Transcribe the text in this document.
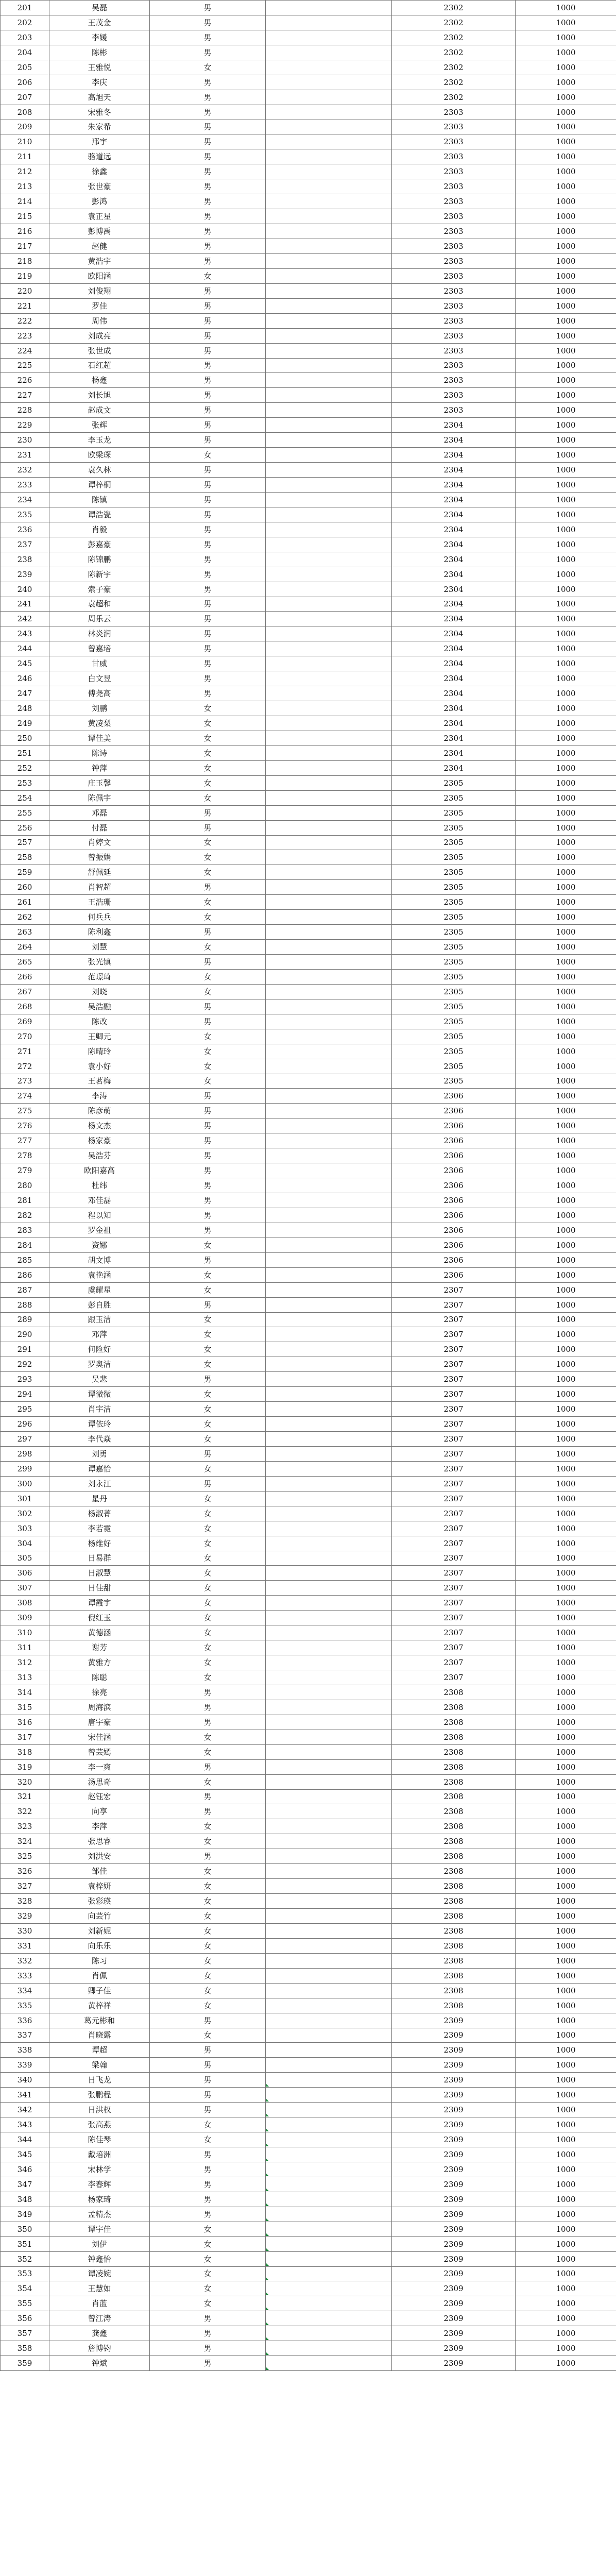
201	吴磊	男		2302	1000
202	王茂金	男		2302	1000
203	李媛	男		2302	1000
204	陈彬	男		2302	1000
205	王雅悦	女		2302	1000
206	李庆	男		2302	1000
207	高旭天	男		2302	1000
208	宋雅冬	男		2303	1000
209	朱家希	男		2303	1000
210	邢宇	男		2303	1000
211	骆道远	男		2303	1000
212	徐鑫	男		2303	1000
213	张世豪	男		2303	1000
214	彭鸿	男		2303	1000
215	袁正星	男		2303	1000
216	彭博禹	男		2303	1000
217	赵健	男		2303	1000
218	黄浩宇	男		2303	1000
219	欧阳涵	女		2303	1000
220	刘俊翔	男		2303	1000
221	罗佳	男		2303	1000
222	周伟	男		2303	1000
223	刘成亮	男		2303	1000
224	张世成	男		2303	1000
225	石红超	男		2303	1000
226	杨鑫	男		2303	1000
227	刘长旭	男		2303	1000
228	赵成文	男		2303	1000
229	张辉	男		2304	1000
230	李玉龙	男		2304	1000
231	欧梁琛	女		2304	1000
232	袁久林	男		2304	1000
233	谭梓桐	男		2304	1000
234	陈镇	男		2304	1000
235	谭浩瓷	男		2304	1000
236	肖毅	男		2304	1000
237	彭嘉豪	男		2304	1000
238	陈锦鹏	男		2304	1000
239	陈新宇	男		2304	1000
240	索子豪	男		2304	1000
241	袁超和	男		2304	1000
242	周乐云	男		2304	1000
243	林炎润	男		2304	1000
244	曾嘉培	男		2304	1000
245	甘威	男		2304	1000
246	白文昱	男		2304	1000
247	傅尧高	男		2304	1000
248	刘鹏	女		2304	1000
249	黄凌梨	女		2304	1000
250	谭佳美	女		2304	1000
251	陈诗	女		2304	1000
252	钟萍	女		2304	1000
253	庄玉馨	女		2305	1000
254	陈佩宇	女		2305	1000
255	邓磊	男		2305	1000
256	付磊	男		2305	1000
257	肖婷文	女		2305	1000
258	曾振娟	女		2305	1000
259	舒佩延	女		2305	1000
260	肖智超	男		2305	1000
261	王浩珊	女		2305	1000
262	何兵兵	女		2305	1000
263	陈利鑫	男		2305	1000
264	刘慧	女		2305	1000
265	张光镇	男		2305	1000
266	范璟琦	女		2305	1000
267	刘晓	女		2305	1000
268	吴浩融	男		2305	1000
269	陈改	男		2305	1000
270	王卿元	女		2305	1000
271	陈晴玲	女		2305	1000
272	袁小好	女		2305	1000
273	王茗梅	女		2305	1000
274	李涛	男		2306	1000
275	陈彦萌	男		2306	1000
276	杨文杰	男		2306	1000
277	杨家豪	男		2306	1000
278	吴浩芬	男		2306	1000
279	欧阳嘉高	男		2306	1000
280	杜纬	男		2306	1000
281	邓佳磊	男		2306	1000
282	程以知	男		2306	1000
283	罗金祖	男		2306	1000
284	资娜	女		2306	1000
285	胡文博	男		2306	1000
286	袁艳涵	女		2306	1000
287	虞耀星	女		2307	1000
288	彭自胜	男		2307	1000
289	跟玉洁	女		2307	1000
290	邓萍	女		2307	1000
291	何险好	女		2307	1000
292	罗奥洁	女		2307	1000
293	吴悲	男		2307	1000
294	谭微微	女		2307	1000
295	肖宇洁	女		2307	1000
296	谭依玲	女		2307	1000
297	李代焱	女		2307	1000
298	刘勇	男		2307	1000
299	谭嘉怡	女		2307	1000
300	刘永江	男		2307	1000
301	星丹	女		2307	1000
302	杨淑菁	女		2307	1000
303	李若霓	女		2307	1000
304	杨维好	女		2307	1000
305	日易群	女		2307	1000
306	日淑慧	女		2307	1000
307	日佳甜	女		2307	1000
308	谭霞宇	女		2307	1000
309	倪红玉	女		2307	1000
310	黄德涵	女		2307	1000
311	谢芳	女		2307	1000
312	黄雅方	女		2307	1000
313	陈聪	女		2307	1000
314	徐亮	男		2308	1000
315	周海滨	男		2308	1000
316	唐宇豪	男		2308	1000
317	宋佳涵	女		2308	1000
318	曾芸嫣	女		2308	1000
319	李一爽	男		2308	1000
320	汤思奇	女		2308	1000
321	赵钰宏	男		2308	1000
322	向享	男		2308	1000
323	李萍	女		2308	1000
324	张思睿	女		2308	1000
325	刘洪安	男		2308	1000
326	邹佳	女		2308	1000
327	袁梓妍	女		2308	1000
328	张彩瑛	女		2308	1000
329	向芸竹	女		2308	1000
330	刘新妮	女		2308	1000
331	向乐乐	女		2308	1000
332	陈习	女		2308	1000
333	肖佩	女		2308	1000
334	卿子佳	女		2308	1000
335	黄梓祥	女		2308	1000
336	葛元彬和	男		2309	1000
337	肖晓露	女		2309	1000
338	谭超	男		2309	1000
339	梁翰	男		2309	1000
340	日飞龙	男		2309	1000
341	张鹏程	男		2309	1000
342	日洪权	男		2309	1000
343	张高燕	女		2309	1000
344	陈佳琴	女		2309	1000
345	戴培洲	男		2309	1000
346	宋林学	男		2309	1000
347	李春辉	男		2309	1000
348	杨家琦	男		2309	1000
349	孟精杰	男		2309	1000
350	谭宇佳	女		2309	1000
351	刘伊	女		2309	1000
352	钟鑫怡	女		2309	1000
353	谭凌婉	女		2309	1000
354	王慧如	女		2309	1000
355	肖蓝	女		2309	1000
356	曾江涛	男		2309	1000
357	龚鑫	男		2309	1000
358	詹博钧	男		2309	1000
359	钟斌	男		2309	1000
